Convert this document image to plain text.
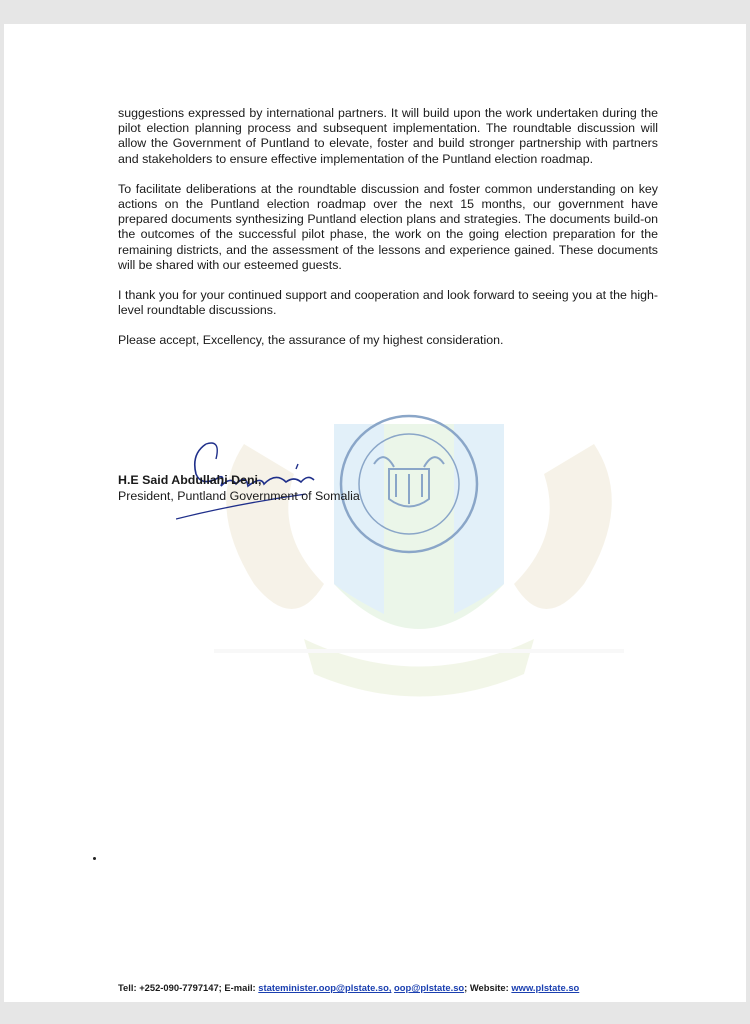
suggestions expressed by international partners. It will build upon the work undertaken during the pilot election planning process and subsequent implementation. The roundtable discussion will allow the Government of Puntland to elevate, foster and build stronger partnership with partners and stakeholders to ensure effective implementation of the Puntland election roadmap.

To facilitate deliberations at the roundtable discussion and foster common understanding on key actions on the Puntland election roadmap over the next 15 months, our government have prepared documents synthesizing Puntland election plans and strategies. The documents build-on the outcomes of the successful pilot phase, the work on the going election preparation for the remaining districts, and the assessment of the lessons and experience gained. These documents will be shared with our esteemed guests.

I thank you for your continued support and cooperation and look forward to seeing you at the high-level roundtable discussions.

Please accept, Excellency, the assurance of my highest consideration.

H.E Said Abdullahi Deni,
President, Puntland Government of Somalia
Tell: +252-090-7797147; E-mail: stateminister.oop@plstate.so, oop@plstate.so; Website: www.plstate.so
